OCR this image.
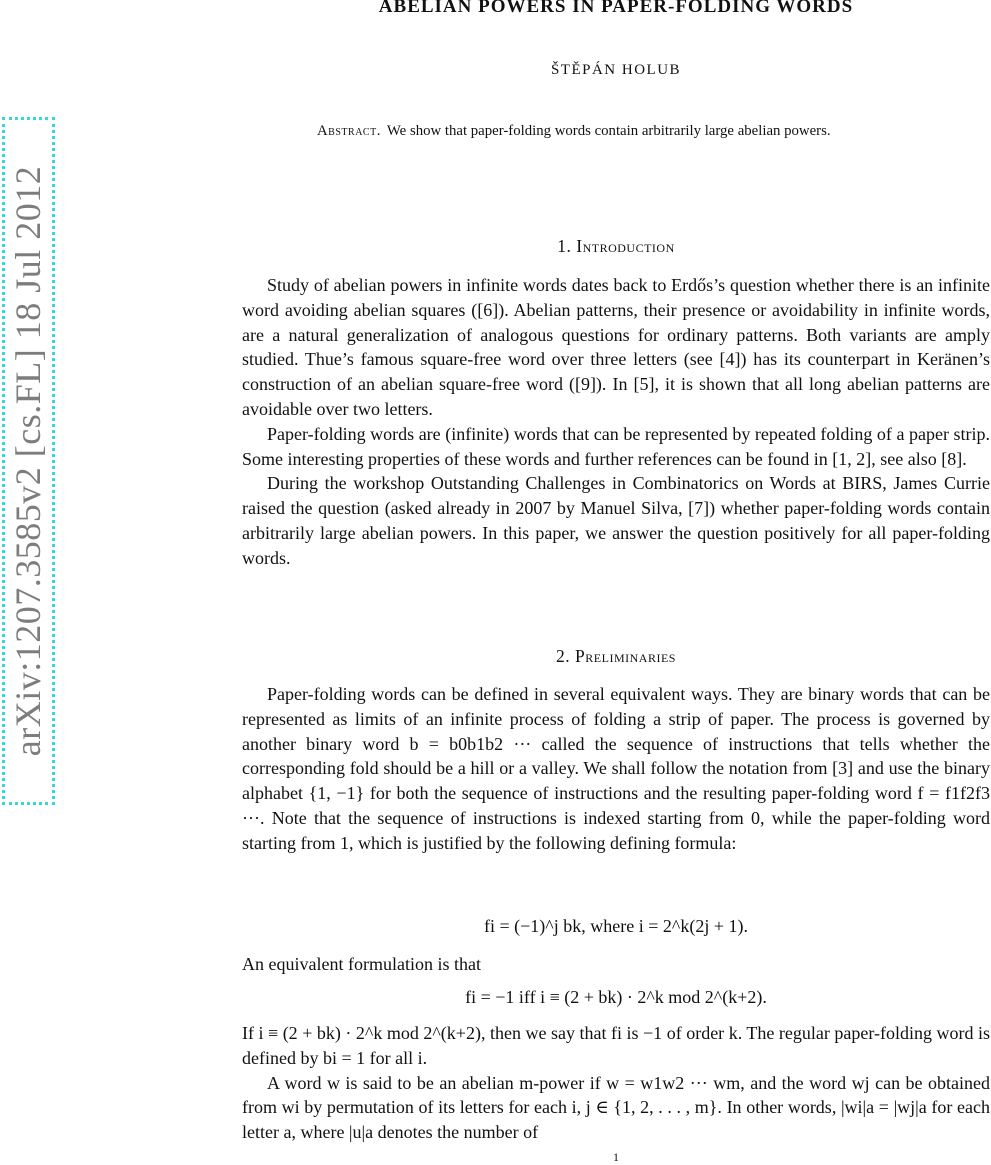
arXiv:1207.3585v2 [cs.FL] 18 Jul 2012
ABELIAN POWERS IN PAPER-FOLDING WORDS
ŠTĚPÁN HOLUB
Abstract. We show that paper-folding words contain arbitrarily large abelian powers.
1. Introduction

Study of abelian powers in infinite words dates back to Erdős’s question whether there is an infinite word avoiding abelian squares ([6]). Abelian patterns, their presence or avoidability in infinite words, are a natural generalization of analogous questions for ordinary patterns. Both variants are amply studied. Thue’s famous square-free word over three letters (see [4]) has its counterpart in Keränen’s construction of an abelian square-free word ([9]). In [5], it is shown that all long abelian patterns are avoidable over two letters.

Paper-folding words are (infinite) words that can be represented by repeated folding of a paper strip. Some interesting properties of these words and further references can be found in [1, 2], see also [8].

During the workshop Outstanding Challenges in Combinatorics on Words at BIRS, James Currie raised the question (asked already in 2007 by Manuel Silva, [7]) whether paper-folding words contain arbitrarily large abelian powers. In this paper, we answer the question positively for all paper-folding words.

2. Preliminaries

Paper-folding words can be defined in several equivalent ways. They are binary words that can be represented as limits of an infinite process of folding a strip of paper. The process is governed by another binary word b = b0b1b2 ··· called the sequence of instructions that tells whether the corresponding fold should be a hill or a valley. We shall follow the notation from [3] and use the binary alphabet {1, −1} for both the sequence of instructions and the resulting paper-folding word f = f1f2f3 ···. Note that the sequence of instructions is indexed starting from 0, while the paper-folding word starting from 1, which is justified by the following defining formula:

fi = (−1)^j bk, where i = 2^k(2j + 1).

An equivalent formulation is that

fi = −1 iff i ≡ (2 + bk) · 2^k mod 2^(k+2).

If i ≡ (2 + bk) · 2^k mod 2^(k+2), then we say that fi is −1 of order k. The regular paper-folding word is defined by bi = 1 for all i.

A word w is said to be an abelian m-power if w = w1w2 ··· wm, and the word wj can be obtained from wi by permutation of its letters for each i, j ∈ {1, 2, . . . , m}. In other words, |wi|a = |wj|a for each letter a, where |u|a denotes the number of

1
